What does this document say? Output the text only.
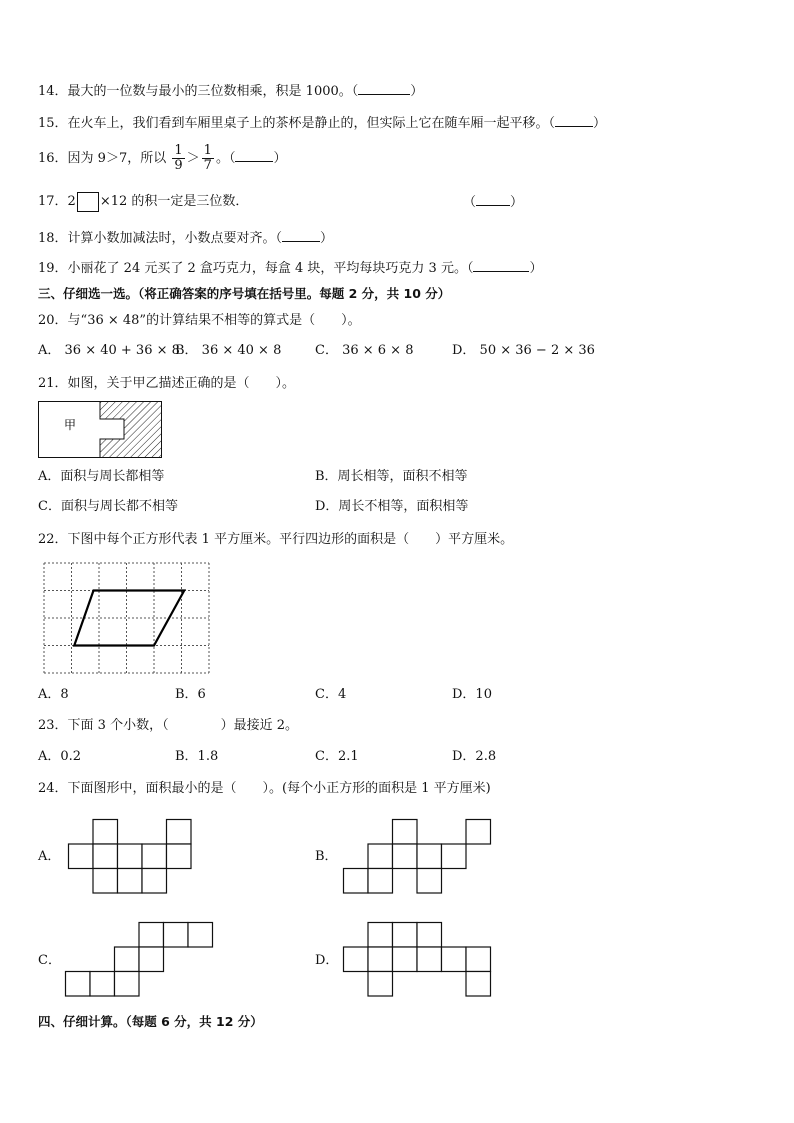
14．最大的一位数与最小的三位数相乘，积是 1000。（	）
15．在火车上，我们看到车厢里桌子上的茶杯是静止的，但实际上它在随车厢一起平移。（	）
16．因为 9＞7，所以 $\frac{1}{9} > \frac{1}{7}$ 。（	）
17．2 ×12 的积一定是三位数．	（	）
18．计算小数加减法时，小数点要对齐。（	）
19．小丽花了 24 元买了 2 盒巧克力，每盒 4 块，平均每块巧克力 3 元。（	）
三、仔细选一选。（将正确答案的序号填在括号里。每题 2 分，共 10 分）
20．与“36 × 48”的计算结果不相等的算式是（　　）。
A． 36 × 40 + 36 × 8
B． 36 × 40 × 8	C． 36 × 6 × 8	D． 50 × 36 − 2 × 36
21．如图，关于甲乙描述正确的是（　　）。
甲
A．面积与周长都相等	B．周长相等，面积不相等
C．面积与周长都不相等	D．周长不相等，面积相等
22．下图中每个正方形代表 1 平方厘米。平行四边形的面积是（　　）平方厘米。
A．8	B．6	C．4	D．10
23．下面 3 个小数，（　　　　）最接近 2。
A．0.2	B．1.8	C．2.1	D．2.8
24．下面图形中，面积最小的是（　　）。(每个小正方形的面积是 1 平方厘米)
A．	B．
C．	D．
四、仔细计算。（每题 6 分，共 12 分）
